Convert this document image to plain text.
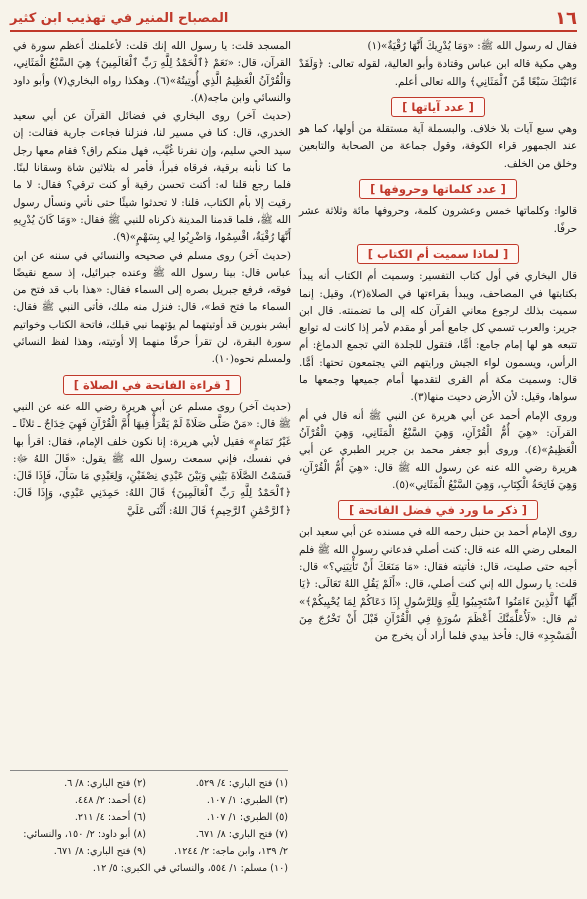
١٦
المصباح المنير في تهذيب ابن كثير

فقال له رسول الله ﷺ: «وَمَا يُدْرِيكَ أَنَّهَا رُقْيَةٌ»(١)

وهي مكية قاله ابن عباس وقتادة وأبو العالية، لقوله تعالى: ﴿وَلَقَدْ ءَاتَيْنَكَ سَبْعًا مِّنَ ٱلْمَثَانِي﴾ والله تعالى أعلم.

[ عدد آياتها ]

وهي سبع آيات بلا خلاف. والبسملة آية مستقلة من أولها، كما هو عند الجمهور قراء الكوفة، وقول جماعة من الصحابة والتابعين وخلق من الخلف.

[ عدد كلماتها وحروفها ]

قالوا: وكلماتها خمس وعشرون كلمة، وحروفها مائة وثلاثة عشر حرفًا.

[ لماذا سميت أم الكتاب ]

قال البخاري في أول كتاب التفسير: وسميت أم الكتاب أنه يبدأ بكتابتها في المصاحف، ويبدأ بقراءتها في الصلاة(٢)، وقيل: إنما سميت بذلك لرجوع معاني القرآن كله إلى ما تضمنته. قال ابن جرير: والعرب تسمي كل جامع أمر أو مقدم لأمر إذا كانت له توابع تتبعه هو لها إمام جامع: أمًّا، فتقول للجلدة التي تجمع الدماغ: أم الرأس، ويسمون لواء الجيش ورايتهم التي يجتمعون تحتها: أمًّا. قال: وسميت مكة أم القرى لتقدمها أمام جميعها وجمعها ما سواها، وقيل: لأن الأرض دحيت منها(٣).

وروى الإمام أحمد عن أبي هريرة عن النبي ﷺ أنه قال في أم القرآن: «هِيَ أُمُّ الْقُرْآنِ، وَهِيَ السَّبْعُ الْمَثَانِي، وَهِيَ الْقُرْآنُ الْعَظِيمُ»(٤). وروى أبو جعفر محمد بن جرير الطبري عن أبي هريرة رضي الله عنه عن رسول الله ﷺ قال: «هِيَ أُمُّ الْقُرْآنِ، وَهِيَ فَاتِحَةُ الْكِتَابِ، وَهِيَ السَّبْعُ الْمَثَانِي»(٥).

[ ذكر ما ورد في فضل الفاتحة ]

روى الإمام أحمد بن حنبل رحمه الله في مسنده عن أبي سعيد ابن المعلى رضي الله عنه قال: كنت أصلي فدعاني رسول الله ﷺ فلم أجبه حتى صليت، قال: فأتيته فقال: «مَا مَنَعَكَ أَنْ تَأْتِيَنِي؟» قال: قلت: يا رسول الله إني كنت أصلي، قال: «أَلَمْ يَقُلِ اللهُ تَعَالَى: ﴿يَا أَيُّهَا ٱلَّذِينَ ءَامَنُوا ٱسْتَجِيبُوا لِلَّهِ وَلِلرَّسُولِ إِذَا دَعَاكُمْ لِمَا يُحْيِيكُمْ﴾» ثم قال: «لَأُعَلِّمَنَّكَ أَعْظَمَ سُورَةٍ فِي الْقُرْآنِ قَبْلَ أَنْ تَخْرُجَ مِنَ الْمَسْجِدِ» قال: فأخذ بيدي فلما أراد أن يخرج من

المسجد قلت: يا رسول الله إنك قلت: لأعلمنك أعظم سورة في القرآن، قال: «نَعَمْ ﴿ٱلْحَمْدُ لِلَّهِ رَبِّ ٱلْعَالَمِينَ﴾ هِيَ السَّبْعُ الْمَثَانِي، وَالْقُرْآنُ الْعَظِيمُ الَّذِي أُوتِيتُهُ»(٦). وهكذا رواه البخاري(٧) وأبو داود والنسائي وابن ماجه(٨).

(حديث آخر) روى البخاري في فضائل القرآن عن أبي سعيد الخدري، قال: كنا في مسير لنا، فنزلنا فجاءت جارية فقالت: إن سيد الحي سليم، وإن نفرنا غُيَّب، فهل منكم راق؟ فقام معها رجل ما كنا نأبنه برقية، فرقاه فبرأ، فأمر له بثلاثين شاة وسقانا لبنًا. فلما رجع قلنا له: أكنت تحسن رقية أو كنت ترقي؟ فقال: لا ما رقيت إلا بأم الكتاب، قلنا: لا تحدثوا شيئًا حتى نأتي ونسأل رسول الله ﷺ، فلما قدمنا المدينة ذكرناه للنبي ﷺ فقال: «وَمَا كَانَ يُدْرِيهِ أَنَّهَا رُقْيَةٌ، اقْسِمُوا، وَاضْرِبُوا لِي بِسَهْمٍ»(٩).

(حديث آخر) روى مسلم في صحيحه والنسائي في سننه عن ابن عباس قال: بينا رسول الله ﷺ وعنده جبرائيل، إذ سمع نقيضًا فوقه، فرفع جبريل بصره إلى السماء فقال: «هذا باب قد فتح من السماء ما فتح قط»، قال: فنزل منه ملك، فأتى النبي ﷺ فقال: أبشر بنورين قد أوتيتهما لم يؤتهما نبي قبلك، فاتحة الكتاب وخواتيم سورة البقرة، لن تقرأ حرفًا منهما إلا أوتيته، وهذا لفظ النسائي ولمسلم نحوه(١٠).

[ قراءة الفاتحة في الصلاة ]

(حديث آخر) روى مسلم عن أبي هريرة رضي الله عنه عن النبي ﷺ قال: «مَنْ صَلَّى صَلَاةً لَمْ يَقْرَأْ فِيهَا أُمَّ الْقُرْآنِ فَهِيَ خِدَاجٌ ـ ثلاثًا ـ غَيْرُ تَمَامٍ» فقيل لأبي هريرة: إنا نكون خلف الإمام، فقال: اقرأ بها في نفسك، فإني سمعت رسول الله ﷺ يقول: «قَالَ اللهُ ﷻ: قَسَمْتُ الصَّلَاةَ بَيْنِي وَبَيْنَ عَبْدِي نِصْفَيْنِ، وَلِعَبْدِي مَا سَأَلَ، فَإِذَا قَالَ: ﴿ٱلْحَمْدُ لِلَّهِ رَبِّ ٱلْعَالَمِينَ﴾ قَالَ اللهُ: حَمِدَنِي عَبْدِي، وَإِذَا قَالَ: ﴿ٱلرَّحْمَٰنِ ٱلرَّحِيمِ﴾ قَالَ اللهُ: أَثْنَى عَلَيَّ

(١) فتح الباري: ٤/ ٥٢٩.
(٢) فتح الباري: ٨/ ٦.
(٣) الطبري: ١/ ١٠٧.
(٤) أحمد: ٢/ ٤٤٨.
(٥) الطبري: ١/ ١٠٧.
(٦) أحمد: ٤/ ٢١١.
(٧) فتح الباري: ٨/ ٦٧١.
(٨) أبو داود: ٢/ ١٥٠، والنسائي:
٢/ ١٣٩، وابن ماجه: ٢/ ١٢٤٤.
(٩) فتح الباري: ٨/ ٦٧١.
(١٠) مسلم: ١/ ٥٥٤، والنسائي في الكبرى: ٥/ ١٢.
